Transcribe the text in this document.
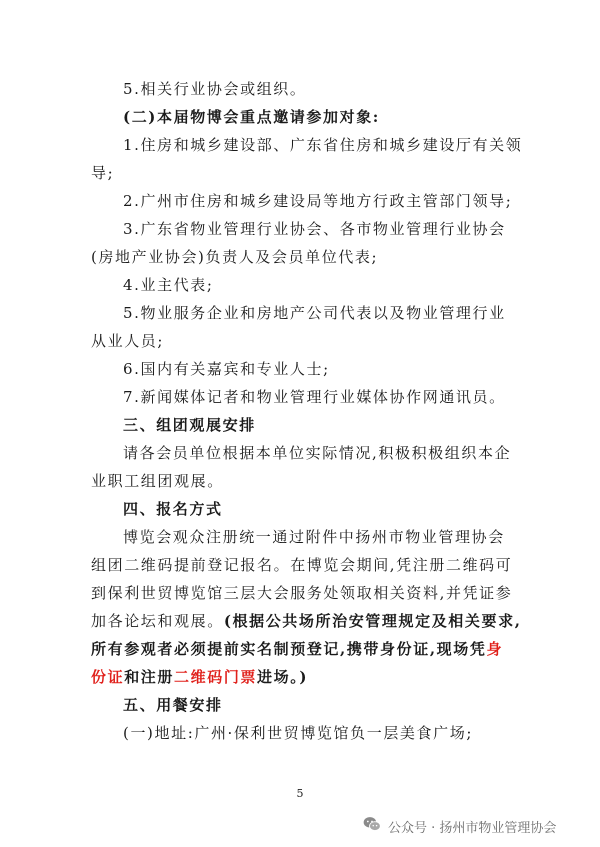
5.相关行业协会或组织。
(二)本届物博会重点邀请参加对象:
1.住房和城乡建设部、广东省住房和城乡建设厅有关领
导;
2.广州市住房和城乡建设局等地方行政主管部门领导;
3.广东省物业管理行业协会、各市物业管理行业协会
(房地产业协会)负责人及会员单位代表;
4.业主代表;
5.物业服务企业和房地产公司代表以及物业管理行业
从业人员;
6.国内有关嘉宾和专业人士;
7.新闻媒体记者和物业管理行业媒体协作网通讯员。
三、组团观展安排
请各会员单位根据本单位实际情况,积极积极组织本企
业职工组团观展。
四、报名方式
博览会观众注册统一通过附件中扬州市物业管理协会
组团二维码提前登记报名。在博览会期间,凭注册二维码可
到保利世贸博览馆三层大会服务处领取相关资料,并凭证参
加各论坛和观展。(根据公共场所治安管理规定及相关要求,
所有参观者必须提前实名制预登记,携带身份证,现场凭身
份证和注册二维码门票进场。)
五、用餐安排
(一)地址:广州·保利世贸博览馆负一层美食广场;
5
公众号 · 扬州市物业管理协会
